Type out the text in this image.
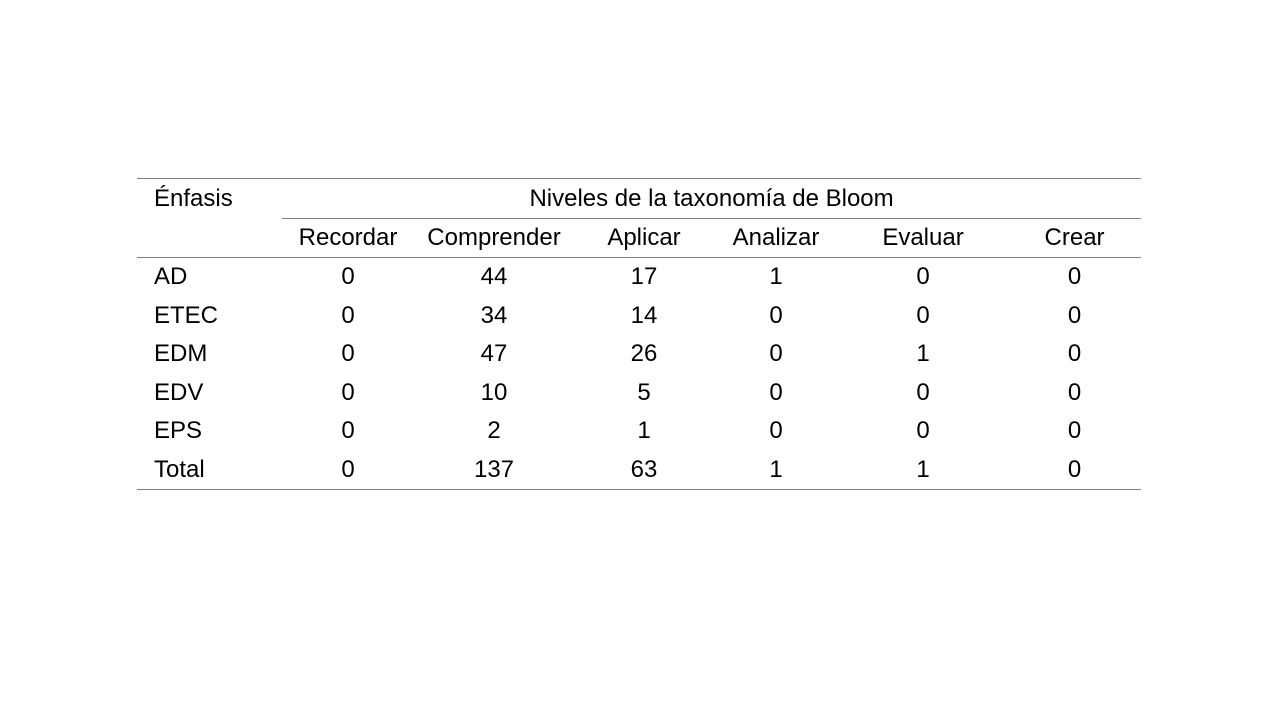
Énfasis	Niveles de la taxonomía de Bloom					
	Recordar	Comprender	Aplicar	Analizar	Evaluar	Crear
AD	0	44	17	1	0	0
ETEC	0	34	14	0	0	0
EDM	0	47	26	0	1	0
EDV	0	10	5	0	0	0
EPS	0	2	1	0	0	0
Total	0	137	63	1	1	0
